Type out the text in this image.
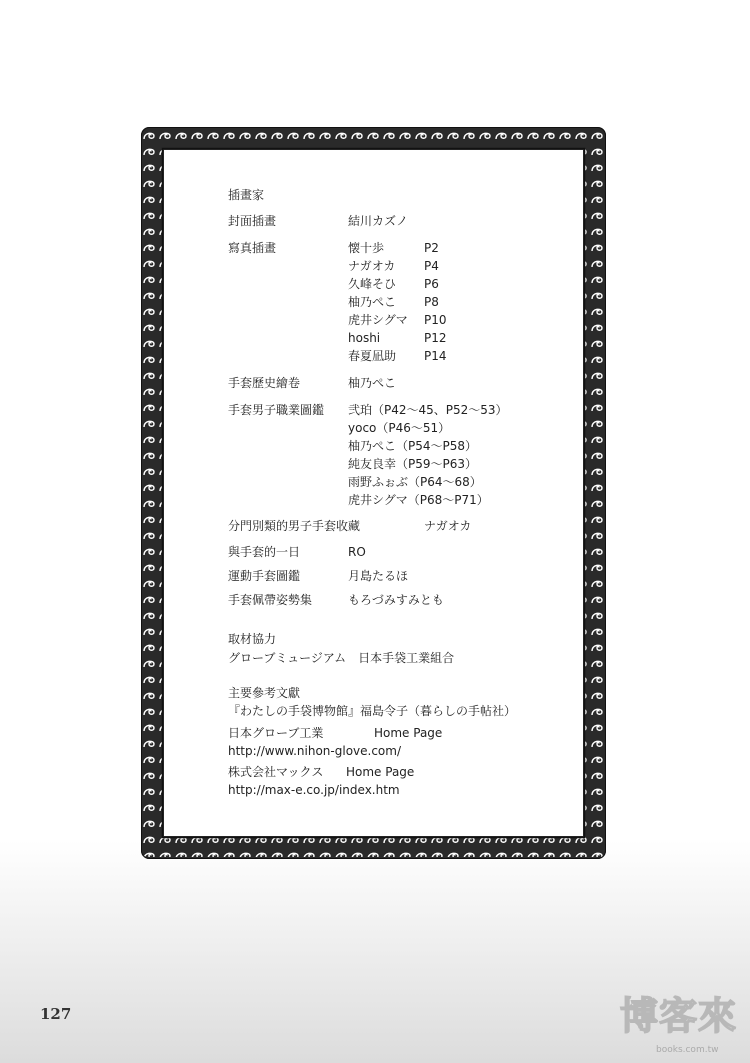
插畫家
封面插畫	結川カズノ
寫真插畫	懐十歩	P2
ナガオカ P4
久峰そひ P6
柚乃ぺこ P8
虎井シグマ P10
hoshi	P12
春夏凪助 P14
手套歷史繪卷	柚乃ぺこ
手套男子職業圖鑑 弐珀（P42～45、P52～53）
yoco（P46～51）
柚乃ぺこ（P54～P58）
純友良幸（P59～P63）
雨野ふぉぶ（P64～68）
虎井シグマ（P68～P71）
分門別類的男子手套收藏	ナガオカ
與手套的一日	RO
運動手套圖鑑	月島たるほ
手套佩帶姿勢集	もろづみすみとも
取材協力
グローブミュージアム　日本手袋工業組合
主要參考文獻
『わたしの手袋博物館』福島令子（暮らしの手帖社）
日本グローブ工業	Home Page
http://www.nihon-glove.com/
株式会社マックス Home Page
http://max-e.co.jp/index.htm
127	博客來
books.com.tw
